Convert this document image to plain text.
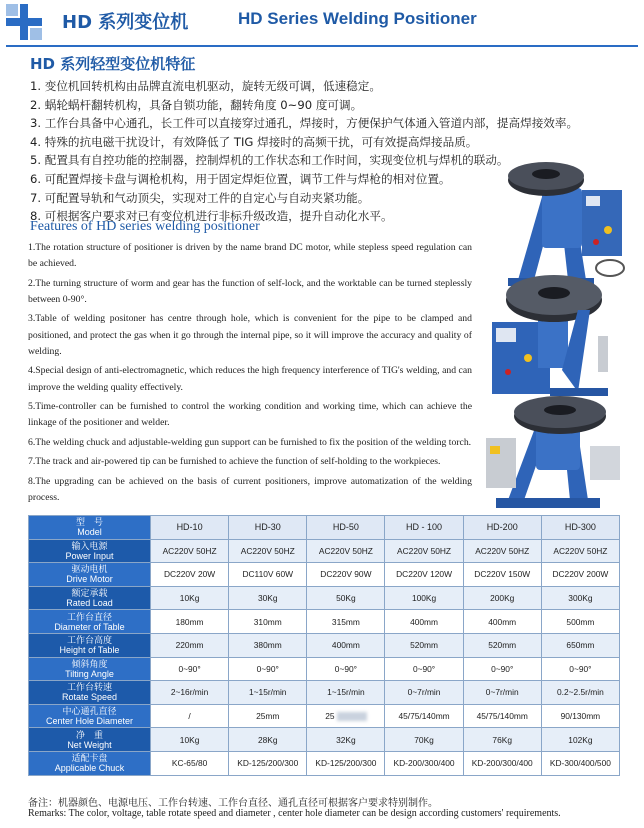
HD 系列变位机	HD Series Welding Positioner
HD 系列轻型变位机特征
1. 变位机回转机构由品牌直流电机驱动，旋转无级可调，低速稳定。
2. 蜗轮蜗杆翻转机构，具备自锁功能，翻转角度 0~90 度可调。
3. 工作台具备中心通孔，长工件可以直接穿过通孔，焊接时，方便保护气体通入管道内部，提高焊接效率。
4. 特殊的抗电磁干扰设计，有效降低了 TIG 焊接时的高频干扰，可有效提高焊接品质。
5. 配置具有自控功能的控制器，控制焊机的工作状态和工作时间，实现变位机与焊机的联动。
6. 可配置焊接卡盘与调枪机构，用于固定焊炬位置，调节工件与焊枪的相对位置。
7. 可配置导轨和气动顶尖，实现对工件的自定心与自动夹紧功能。
8. 可根据客户要求对已有变位机进行非标升级改造，提升自动化水平。
Features of HD series welding positioner
1.The rotation structure of positioner is driven by the name brand DC motor, while stepless speed regulation can be achieved.
2.The turning structure of worm and gear has the function of self-lock, and the worktable can be turned steplessly between 0-90°.
3.Table of welding positoner has centre through hole, which is convenient for the pipe to be clamped and positioned, and protect the gas when it go through the internal pipe, so it will improve the accuracy and quality of welding.
4.Special design of anti-electromagnetic, which reduces the high frequency interference of TIG's welding, and can improve the welding quality effectively.
5.Time-controller can be furnished to control the working condition and working time, which can achieve the linkage of the positioner and welder.
6.The welding chuck and adjustable-welding gun support can be furnished to fix the position of the welding torch.
7.The track and air-powered tip can be furnished to achieve the function of self-holding to the workpieces.
8.The upgrading can be achieved on the basis of current positioners, improve automatization of the welding process.
型　号
Model	HD-10	HD-30	HD-50	HD - 100	HD-200	HD-300

输入电源
Power Input	AC220V 50HZ	AC220V 50HZ	AC220V 50HZ	AC220V 50HZ	AC220V 50HZ	AC220V 50HZ

驱动电机
Drive Motor	DC220V 20W	DC110V 60W	DC220V 90W	DC220V 120W	DC220V 150W	DC220V 200W

额定承载
Rated Load	10Kg	30Kg	50Kg	100Kg	200Kg	300Kg

工作台直径
Diameter of Table	180mm	310mm	315mm	400mm	400mm	500mm

工作台高度
Height of Table	220mm	380mm	400mm	520mm	520mm	650mm

倾斜角度
Tilting Angle	0~90°	0~90°	0~90°	0~90°	0~90°	0~90°

工作台转速
Rotate Speed	2~16r/min	1~15r/min	1~15r/min	0~7r/min	0~7r/min	0.2~2.5r/min

中心通孔直径
Center Hole Diameter	/	25mm	25	45/75/140mm	45/75/140mm	90/130mm

净　重
Net Weight	10Kg	28Kg	32Kg	70Kg	76Kg	102Kg

适配卡盘
Applicable Chuck	KC-65/80	KD-125/200/300	KD-125/200/300	KD-200/300/400	KD-200/300/400	KD-300/400/500
备注：机器颜色、电源电压、工作台转速、工作台直径、通孔直径可根据客户要求特别制作。
Remarks: The color, voltage, table rotate speed and diameter , center hole diameter can be design according customers' requirements.
